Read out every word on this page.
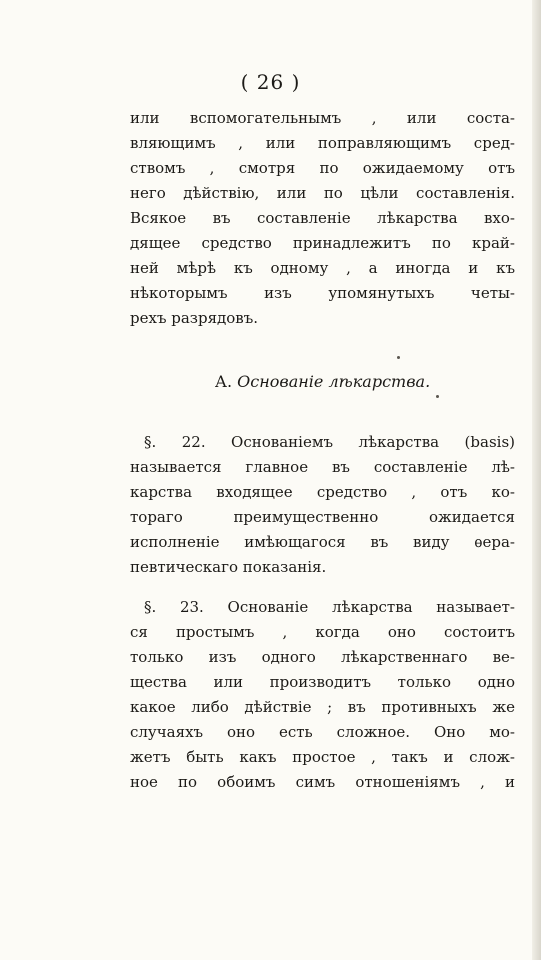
( 26 )
или вспомогательнымъ , или соста-
вляющимъ , или поправляющимъ сред-
ствомъ , смотря по ожидаемому отъ
него дѣйствію, или по цѣли составленія.
Всякое въ составленіе лѣкарства вхо-
дящее средство принадлежитъ по край-
ней мѣрѣ къ одному , а иногда и къ
нѣкоторымъ изъ упомянутыхъ четы-
рехъ разрядовъ.
А. Основаніе лѣкарства.
§. 22. Основаніемъ лѣкарства (basis)
называется главное въ составленіе лѣ-
карства входящее средство , отъ ко-
тораго преимущественно ожидается
исполненіе имѣющагося въ виду ѳера-
певтическаго показанія.
§. 23. Основаніе лѣкарства называет-
ся простымъ , когда оно состоитъ
только изъ одного лѣкарственнаго ве-
щества или производитъ только одно
какое либо дѣйствіе ; въ противныхъ же
случаяхъ оно есть сложное. Оно мо-
жетъ быть какъ простое , такъ и слож-
ное по обоимъ симъ отношеніямъ , и
